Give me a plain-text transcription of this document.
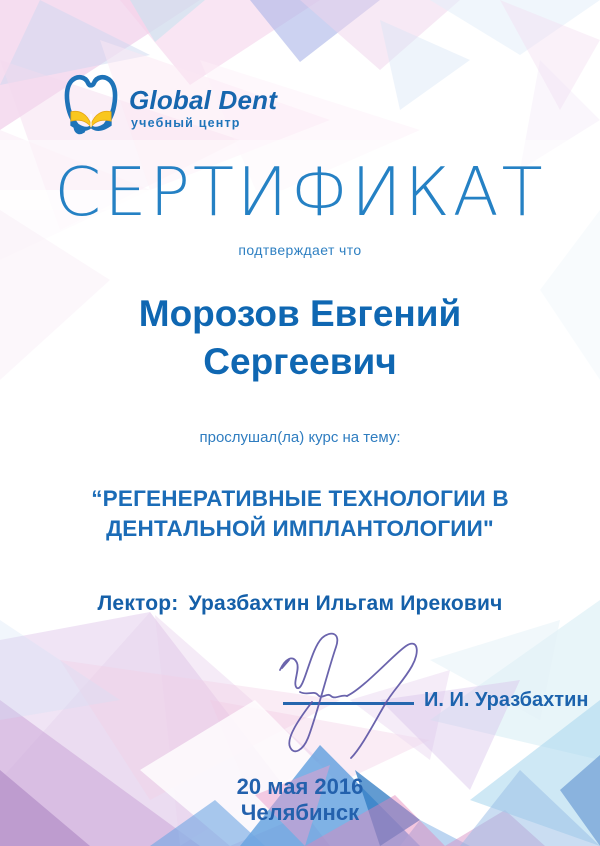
Global Dent
учебный центр
СЕРТИФИКАТ
подтверждает что
Морозов Евгений
Сергеевич
прослушал(ла) курс на тему:
“РЕГЕНЕРАТИВНЫЕ ТЕХНОЛОГИИ В
ДЕНТАЛЬНОЙ ИМПЛАНТОЛОГИИ"
Лектор: Уразбахтин Ильгам Ирекович
И. И. Уразбахтин
20 мая 2016
Челябинск
